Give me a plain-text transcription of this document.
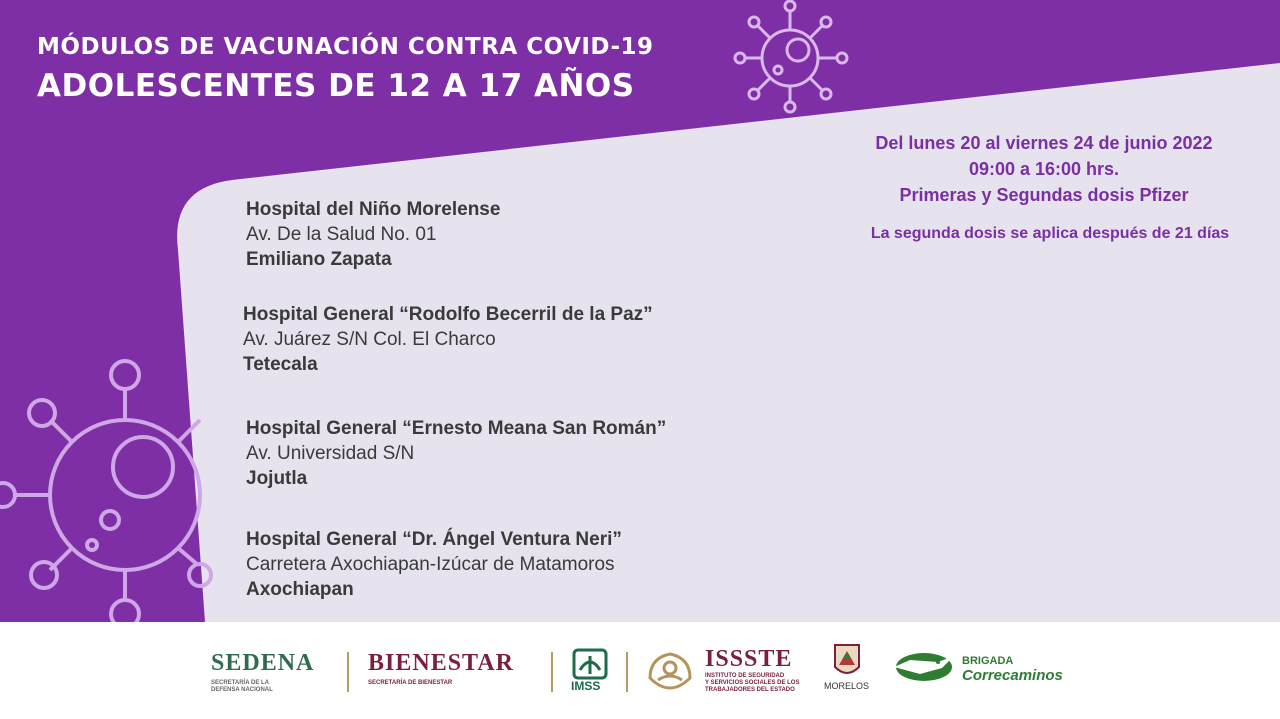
MÓDULOS DE VACUNACIÓN CONTRA COVID-19
ADOLESCENTES DE 12 A 17 AÑOS
Del lunes 20 al viernes 24 de junio 2022
09:00 a 16:00 hrs.
Primeras y Segundas dosis Pfizer
La segunda dosis se aplica después de 21 días
Hospital del Niño Morelense
Av. De la Salud No. 01
Emiliano Zapata
Hospital General “Rodolfo Becerril de la Paz”
Av. Juárez S/N Col. El Charco
Tetecala
Hospital General “Ernesto Meana San Román”
Av. Universidad S/N
Jojutla
Hospital General “Dr. Ángel Ventura Neri”
Carretera Axochiapan-Izúcar de Matamoros
Axochiapan
SEDENA
SECRETARÍA DE LA
DEFENSA NACIONAL
BIENESTAR
SECRETARÍA DE BIENESTAR	IMSS
ISSSTE
INSTITUTO DE SEGURIDAD
Y SERVICIOS SOCIALES DE LOS
TRABAJADORES DEL ESTADO	MORELOS
BRIGADA
Correcaminos
